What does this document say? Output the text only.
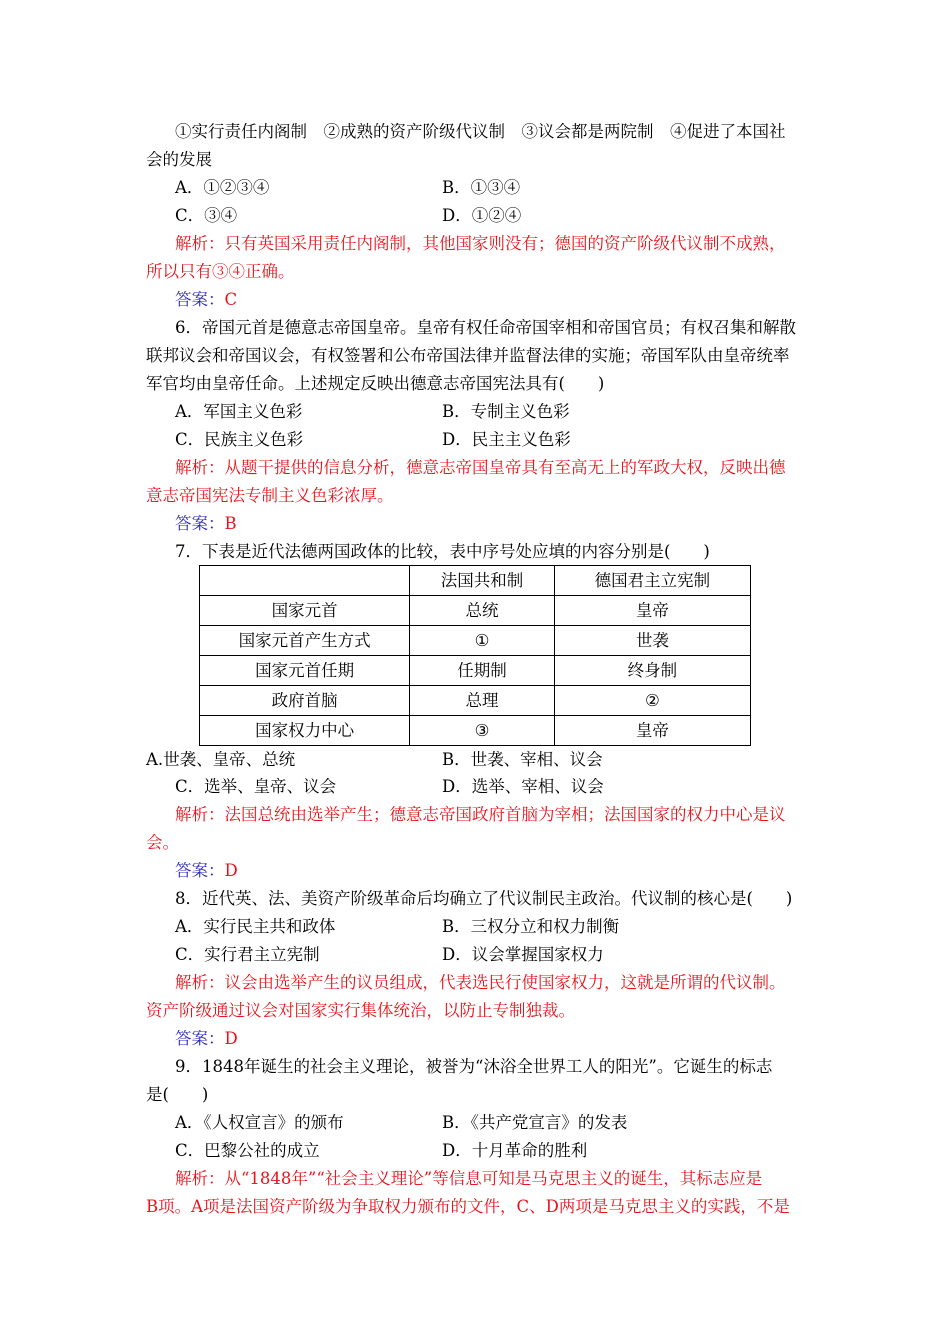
①实行责任内阁制　②成熟的资产阶级代议制　③议会都是两院制　④促进了本国社
会的发展
A．①②③④	B．①③④
C．③④	D．①②④
解析：只有英国采用责任内阁制，其他国家则没有；德国的资产阶级代议制不成熟，
所以只有③④正确。
答案：C
6．帝国元首是德意志帝国皇帝。皇帝有权任命帝国宰相和帝国官员；有权召集和解散
联邦议会和帝国议会，有权签署和公布帝国法律并监督法律的实施；帝国军队由皇帝统率
军官均由皇帝任命。上述规定反映出德意志帝国宪法具有(　　)
A．军国主义色彩	B．专制主义色彩
C．民族主义色彩	D．民主主义色彩
解析：从题干提供的信息分析，德意志帝国皇帝具有至高无上的军政大权，反映出德
意志帝国宪法专制主义色彩浓厚。
答案：B
7．下表是近代法德两国政体的比较，表中序号处应填的内容分别是(　　)
	法国共和制	德国君主立宪制
国家元首	总统	皇帝
国家元首产生方式	①	世袭
国家元首任期	任期制	终身制
政府首脑	总理	②
国家权力中心	③	皇帝
A.世袭、皇帝、总统	B．世袭、宰相、议会
C．选举、皇帝、议会	D．选举、宰相、议会
解析：法国总统由选举产生；德意志帝国政府首脑为宰相；法国国家的权力中心是议
会。
答案：D
8．近代英、法、美资产阶级革命后均确立了代议制民主政治。代议制的核心是(　　)
A．实行民主共和政体	B．三权分立和权力制衡
C．实行君主立宪制	D．议会掌握国家权力
解析：议会由选举产生的议员组成，代表选民行使国家权力，这就是所谓的代议制。
资产阶级通过议会对国家实行集体统治，以防止专制独裁。
答案：D
9．1848年诞生的社会主义理论，被誉为“沐浴全世界工人的阳光”。它诞生的标志
是(　　)
A．《人权宣言》的颁布	B．《共产党宣言》的发表
C．巴黎公社的成立	D．十月革命的胜利
解析：从“1848年”“社会主义理论”等信息可知是马克思主义的诞生，其标志应是
B项。A项是法国资产阶级为争取权力颁布的文件，C、D两项是马克思主义的实践，不是
